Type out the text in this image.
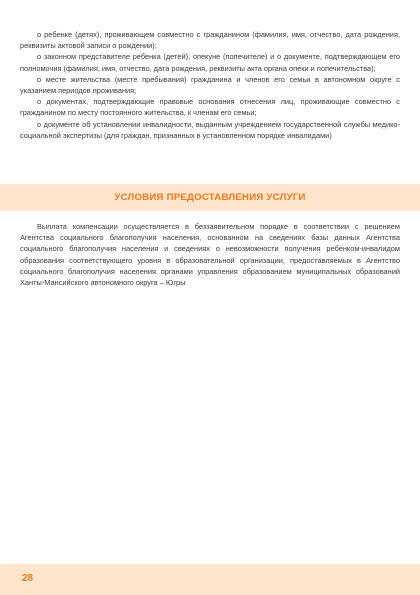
о ребенке (детях), проживающем совместно с гражданином (фамилия, имя, отчество, дата рождения, реквизиты актовой записи о рождении);

о законном представителе ребенка (детей), опекуне (попечителе) и о документе, подтверждающем его полномочия (фамилия, имя, отчество, дата рождения, реквизиты акта органа опеки и попечительства);

о месте жительства (месте пребывания) гражданина и членов его семьи в автономном округе с указанием периодов проживания;

о документах, подтверждающие правовые основания отнесения лиц, проживающие совместно с гражданином по месту постоянного жительства, к членам его семьи;

о документе об установлении инвалидности, выданным учреждением государственной службы медико-социальной экспертизы (для граждан, признанных в установленном порядке инвалидами)

УСЛОВИЯ ПРЕДОСТАВЛЕНИЯ УСЛУГИ

Выплата компенсации осуществляется в беззаявительном порядке в соответствии с решением Агентства социального благополучия населения, основанном на сведениях базы данных Агентства социального благополучия населения и сведениях о невозможности получения ребенком-инвалидом образования соответствующего уровня в образовательной организации, предоставляемых в Агентство социального благополучия населения органами управления образованием муниципальных образований Ханты-Мансийского автономного округа – Югры

28
